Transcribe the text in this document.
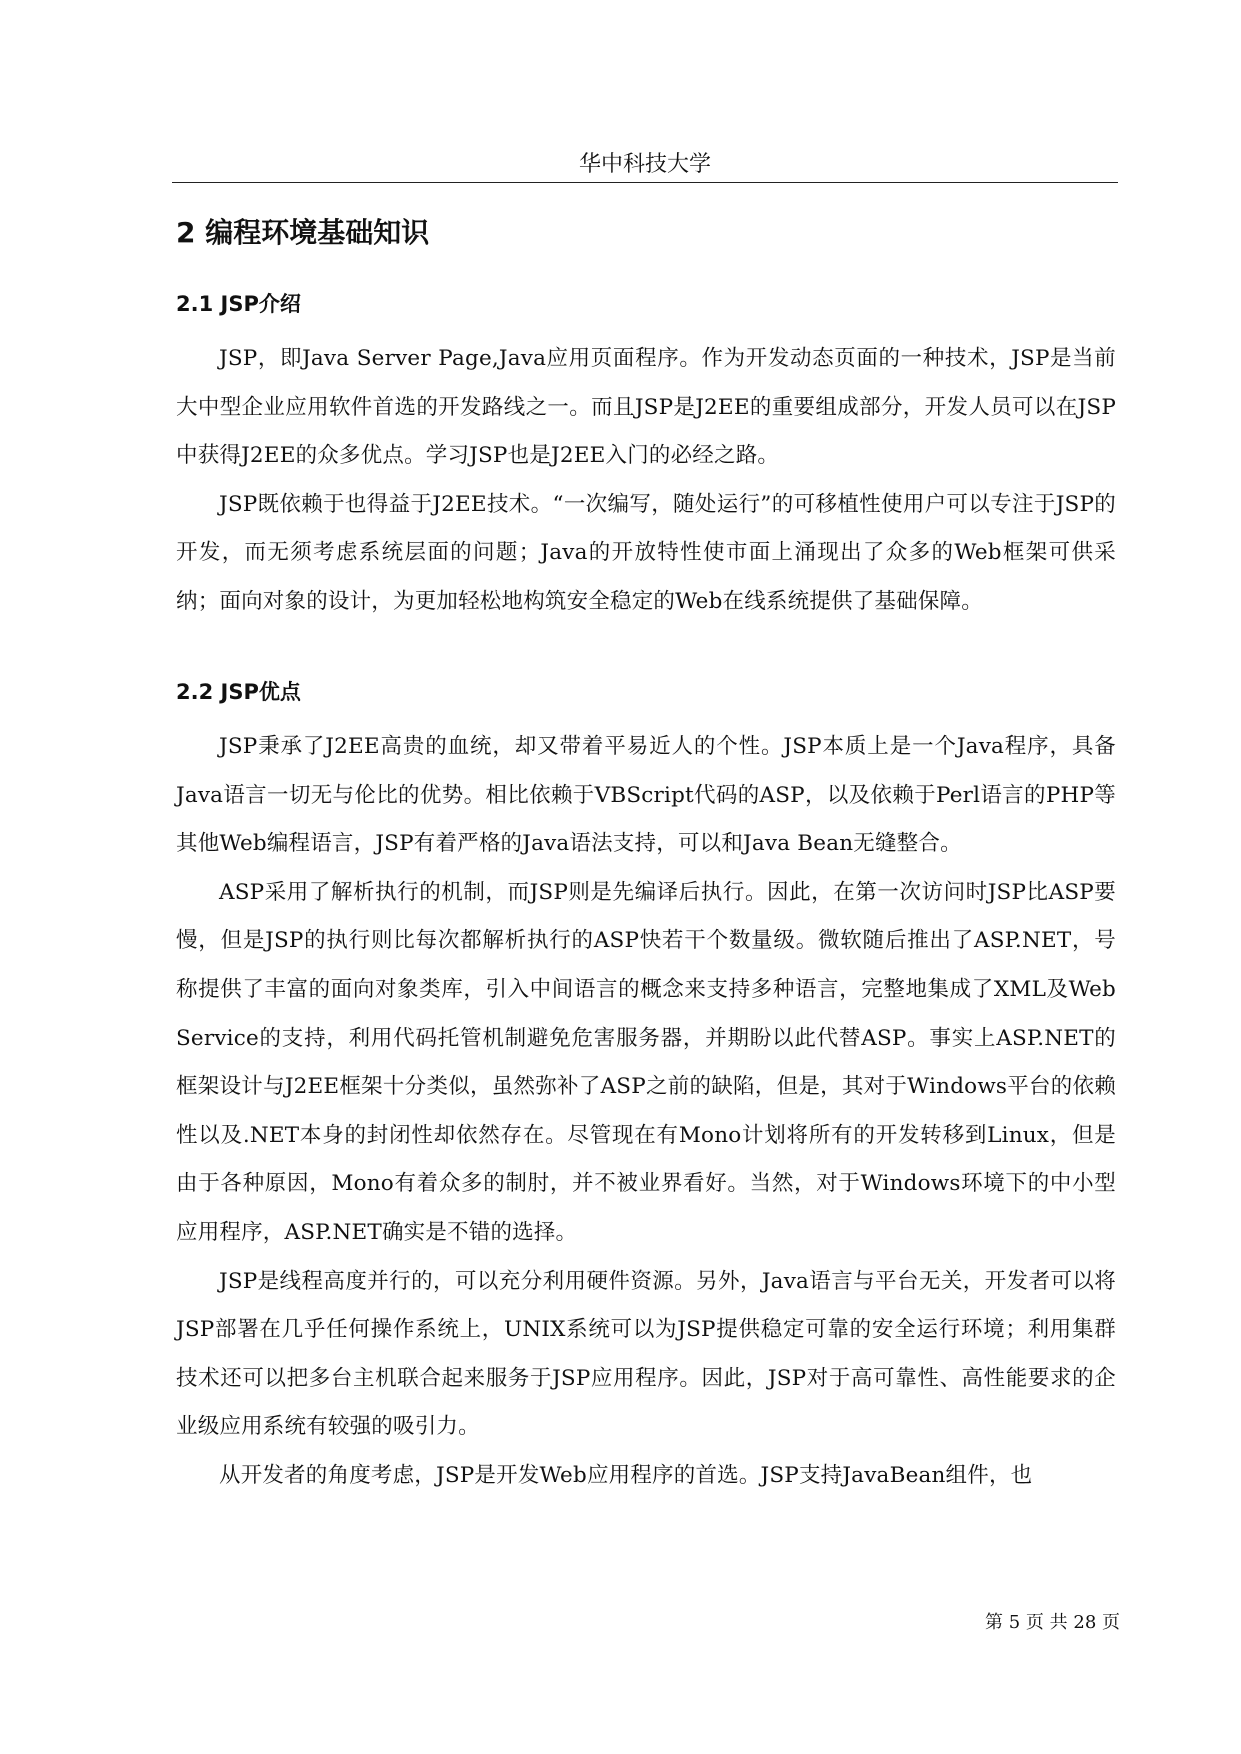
华中科技大学
2 编程环境基础知识
2.1 JSP介绍

JSP，即Java Server Page,Java应用页面程序。作为开发动态页面的一种技术，JSP是当前大中型企业应用软件首选的开发路线之一。而且JSP是J2EE的重要组成部分，开发人员可以在JSP中获得J2EE的众多优点。学习JSP也是J2EE入门的必经之路。

JSP既依赖于也得益于J2EE技术。“一次编写，随处运行”的可移植性使用户可以专注于JSP的开发，而无须考虑系统层面的问题；Java的开放特性使市面上涌现出了众多的Web框架可供采纳；面向对象的设计，为更加轻松地构筑安全稳定的Web在线系统提供了基础保障。

2.2 JSP优点

JSP秉承了J2EE高贵的血统，却又带着平易近人的个性。JSP本质上是一个Java程序，具备Java语言一切无与伦比的优势。相比依赖于VBScript代码的ASP，以及依赖于Perl语言的PHP等其他Web编程语言，JSP有着严格的Java语法支持，可以和Java Bean无缝整合。

ASP采用了解析执行的机制，而JSP则是先编译后执行。因此，在第一次访问时JSP比ASP要慢，但是JSP的执行则比每次都解析执行的ASP快若干个数量级。微软随后推出了ASP.NET，号称提供了丰富的面向对象类库，引入中间语言的概念来支持多种语言，完整地集成了XML及Web Service的支持，利用代码托管机制避免危害服务器，并期盼以此代替ASP。事实上ASP.NET的框架设计与J2EE框架十分类似，虽然弥补了ASP之前的缺陷，但是，其对于Windows平台的依赖性以及.NET本身的封闭性却依然存在。尽管现在有Mono计划将所有的开发转移到Linux，但是由于各种原因，Mono有着众多的制肘，并不被业界看好。当然，对于Windows环境下的中小型应用程序，ASP.NET确实是不错的选择。

JSP是线程高度并行的，可以充分利用硬件资源。另外，Java语言与平台无关，开发者可以将JSP部署在几乎任何操作系统上，UNIX系统可以为JSP提供稳定可靠的安全运行环境；利用集群技术还可以把多台主机联合起来服务于JSP应用程序。因此，JSP对于高可靠性、高性能要求的企业级应用系统有较强的吸引力。

从开发者的角度考虑，JSP是开发Web应用程序的首选。JSP支持JavaBean组件，也

第 5 页 共 28 页
